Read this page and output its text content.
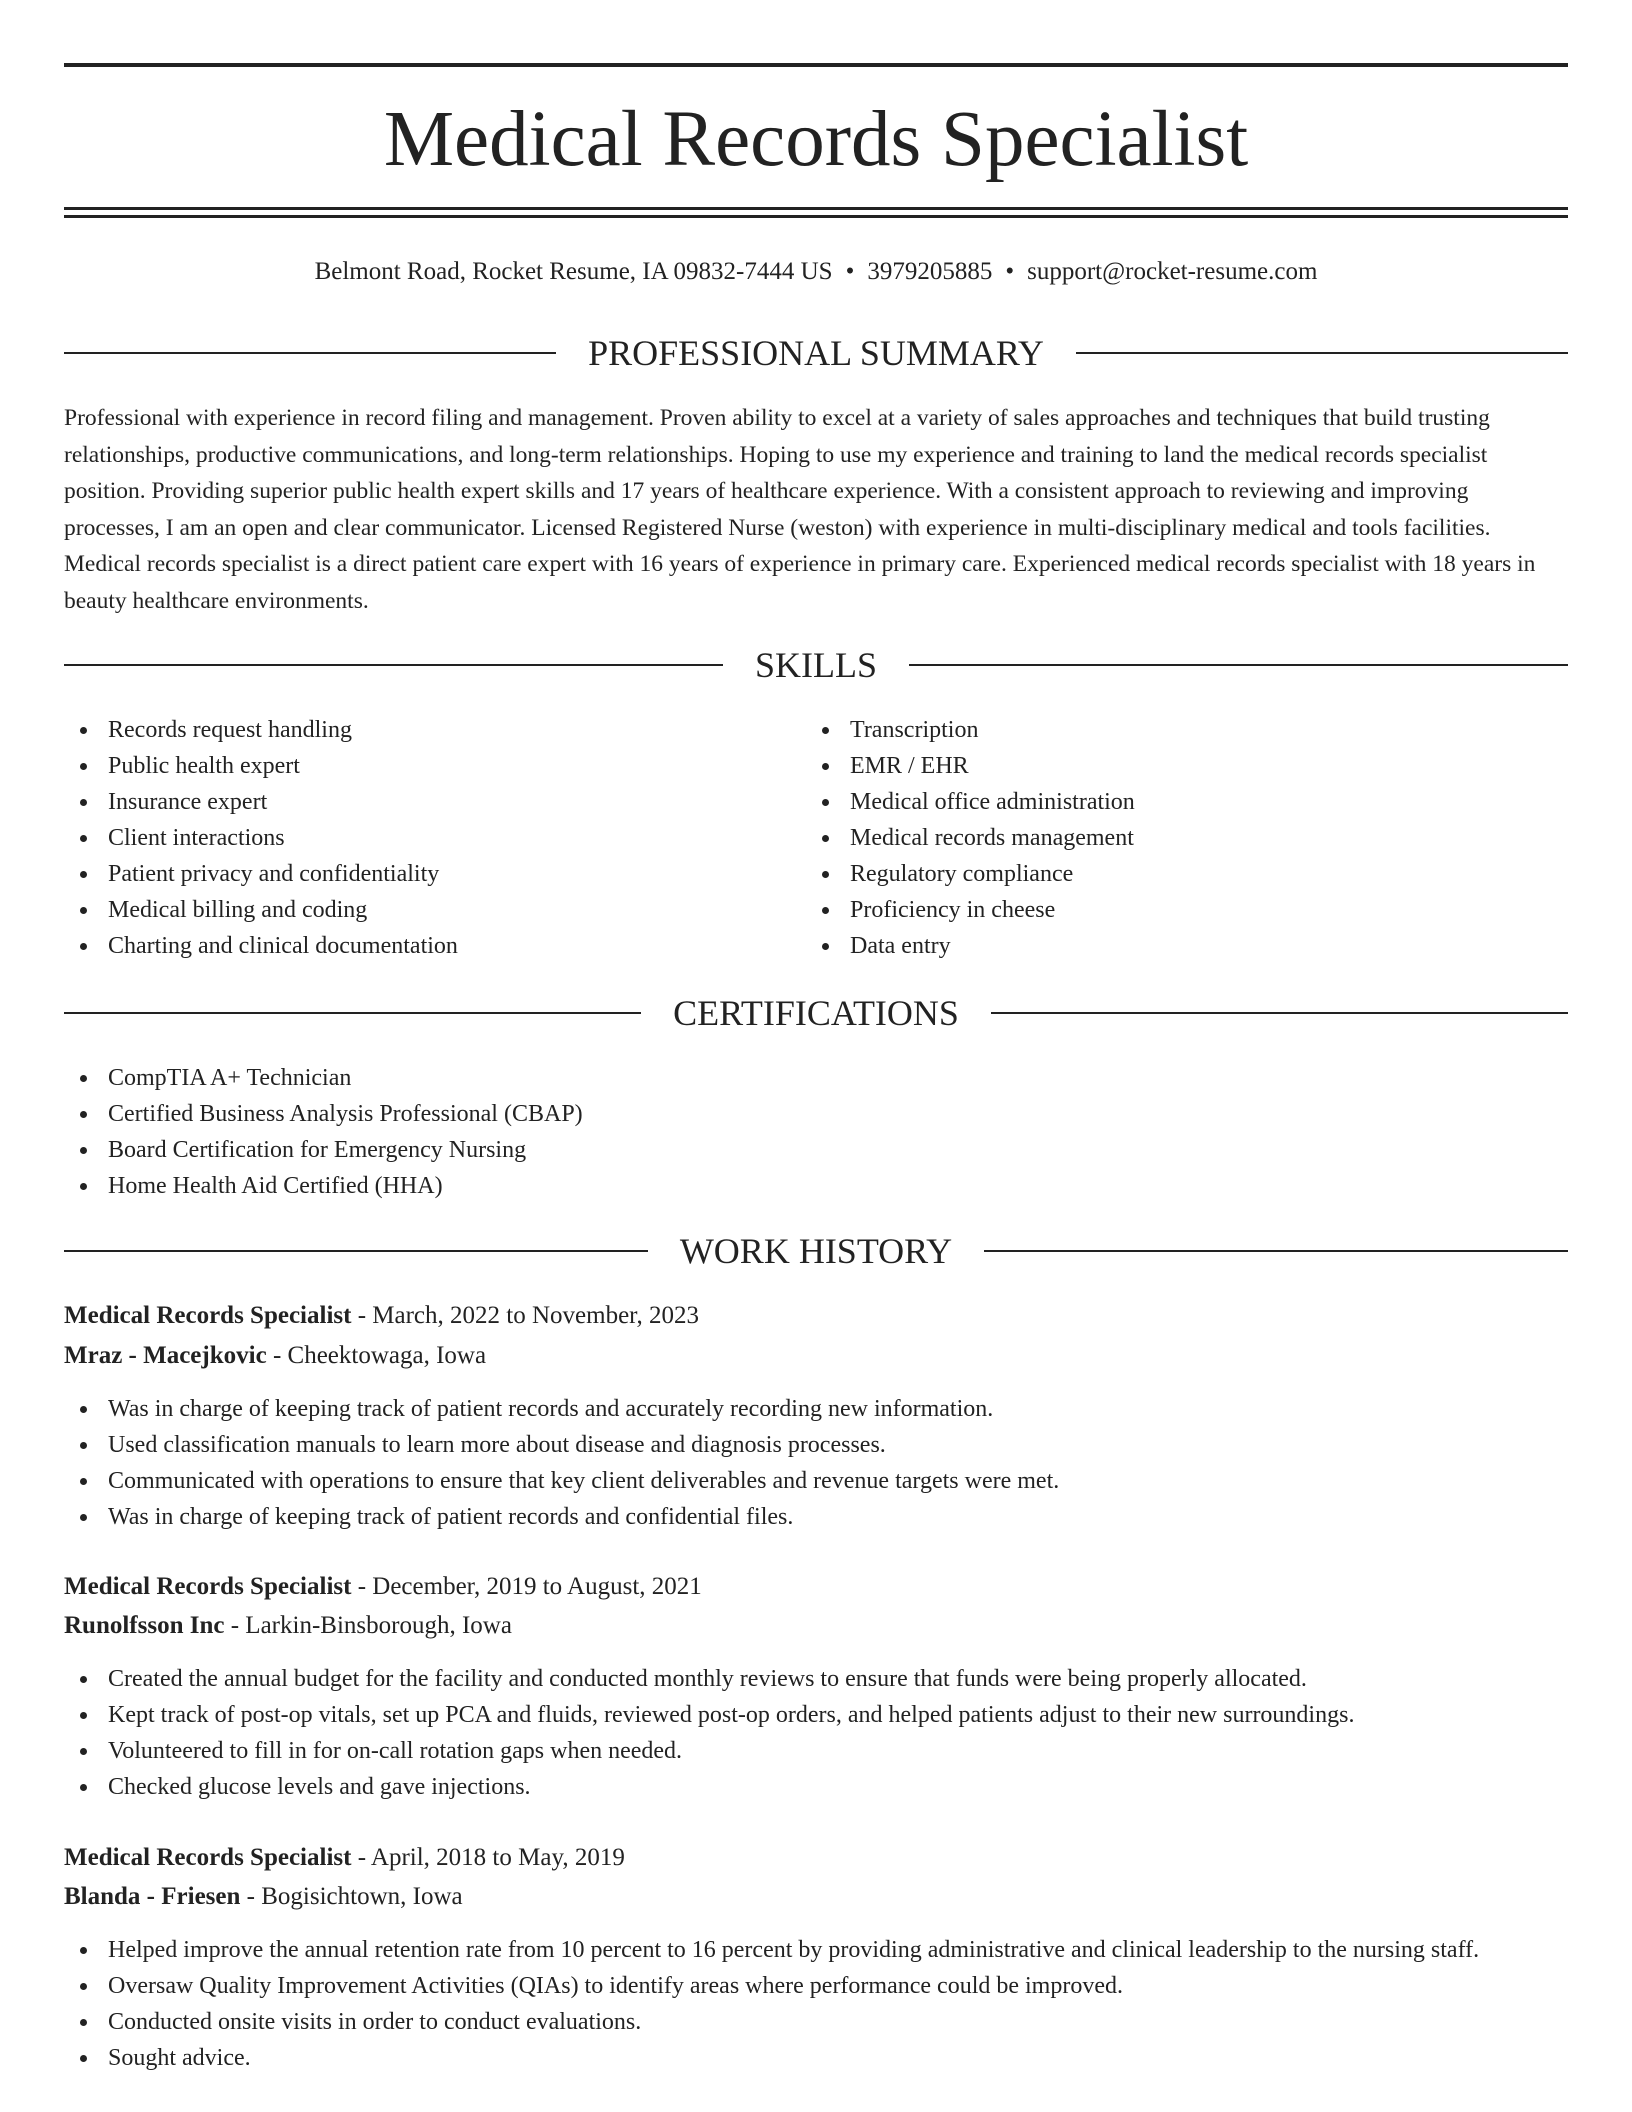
Medical Records Specialist
Belmont Road, Rocket Resume, IA 09832-7444 US • 3979205885 • support@rocket-resume.com
PROFESSIONAL SUMMARY

Professional with experience in record filing and management. Proven ability to excel at a variety of sales approaches and techniques that build trusting relationships, productive communications, and long-term relationships. Hoping to use my experience and training to land the medical records specialist position. Providing superior public health expert skills and 17 years of healthcare experience. With a consistent approach to reviewing and improving processes, I am an open and clear communicator. Licensed Registered Nurse (weston) with experience in multi-disciplinary medical and tools facilities. Medical records specialist is a direct patient care expert with 16 years of experience in primary care. Experienced medical records specialist with 18 years in beauty healthcare environments.

SKILLS
Records request handling
Public health expert
Insurance expert
Client interactions
Patient privacy and confidentiality
Medical billing and coding
Charting and clinical documentation
Transcription
EMR / EHR
Medical office administration
Medical records management
Regulatory compliance
Proficiency in cheese
Data entry
CERTIFICATIONS
CompTIA A+ Technician
Certified Business Analysis Professional (CBAP)
Board Certification for Emergency Nursing
Home Health Aid Certified (HHA)
WORK HISTORY
Medical Records Specialist - March, 2022 to November, 2023
Mraz - Macejkovic - Cheektowaga, Iowa
Was in charge of keeping track of patient records and accurately recording new information.
Used classification manuals to learn more about disease and diagnosis processes.
Communicated with operations to ensure that key client deliverables and revenue targets were met.
Was in charge of keeping track of patient records and confidential files.
Medical Records Specialist - December, 2019 to August, 2021
Runolfsson Inc - Larkin-Binsborough, Iowa
Created the annual budget for the facility and conducted monthly reviews to ensure that funds were being properly allocated.
Kept track of post-op vitals, set up PCA and fluids, reviewed post-op orders, and helped patients adjust to their new surroundings.
Volunteered to fill in for on-call rotation gaps when needed.
Checked glucose levels and gave injections.
Medical Records Specialist - April, 2018 to May, 2019
Blanda - Friesen - Bogisichtown, Iowa
Helped improve the annual retention rate from 10 percent to 16 percent by providing administrative and clinical leadership to the nursing staff.
Oversaw Quality Improvement Activities (QIAs) to identify areas where performance could be improved.
Conducted onsite visits in order to conduct evaluations.
Sought advice.
